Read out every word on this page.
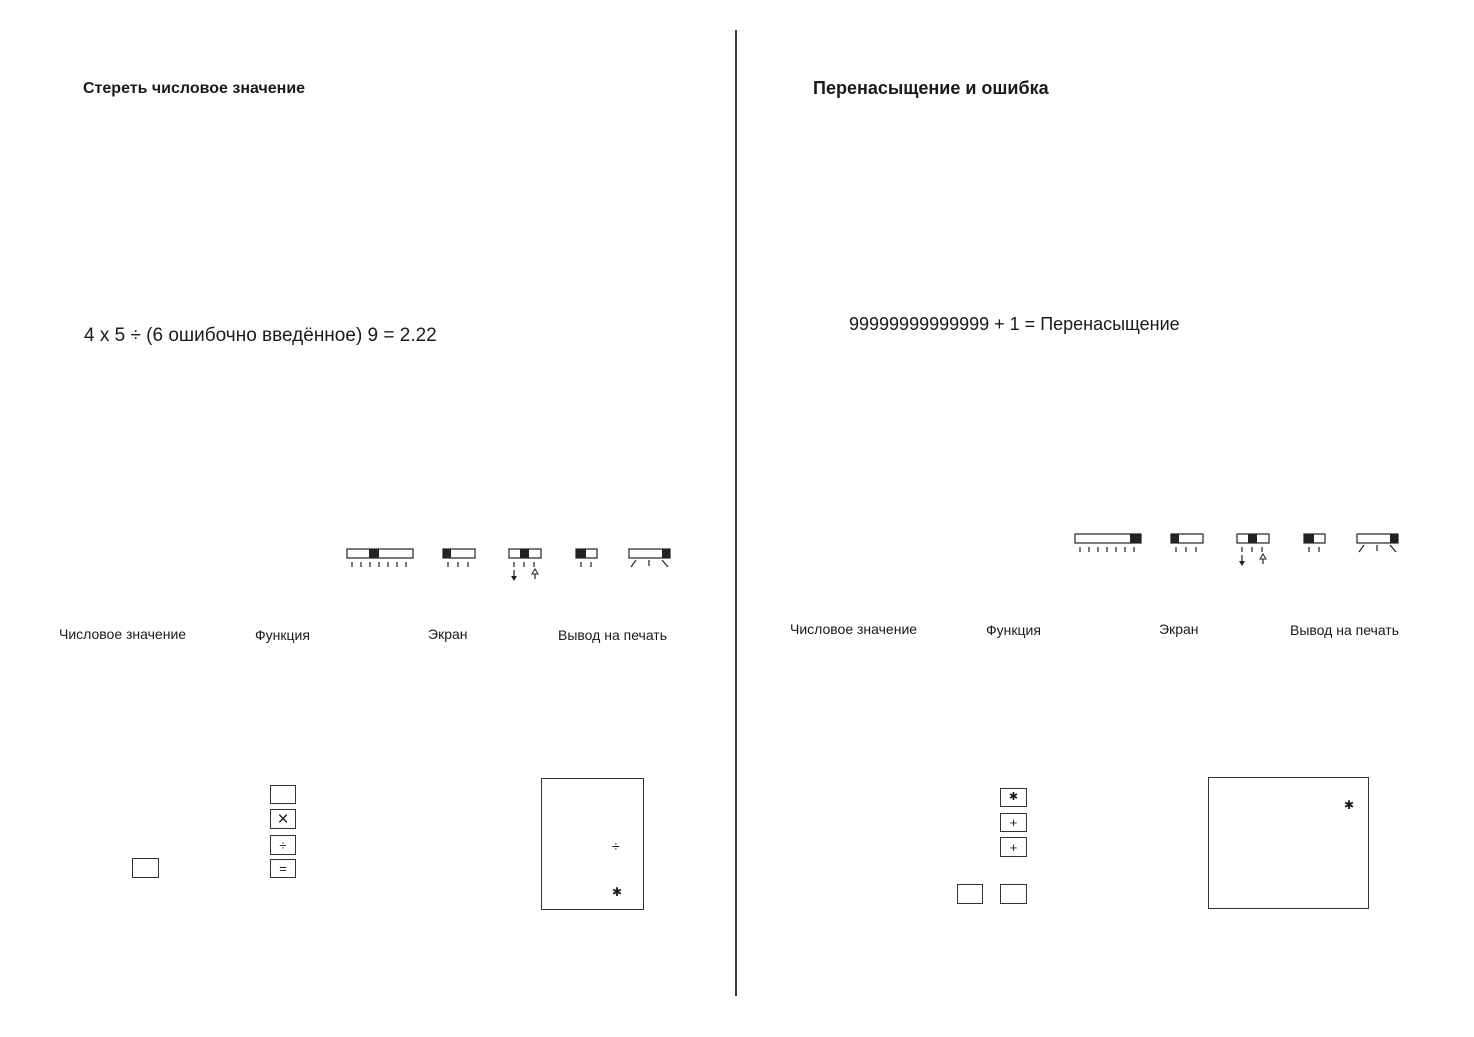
Стереть числовое значение
4 x 5 ÷ (6 ошибочно введённое) 9 = 2.22
Числовое значение	Функция	Экран	Вывод на печать
×
÷
=
÷
✱
Перенасыщение и ошибка
99999999999999 + 1 = Перенасыщение
Числовое значение	Функция	Экран	Вывод на печать
✱
+
+
✱
